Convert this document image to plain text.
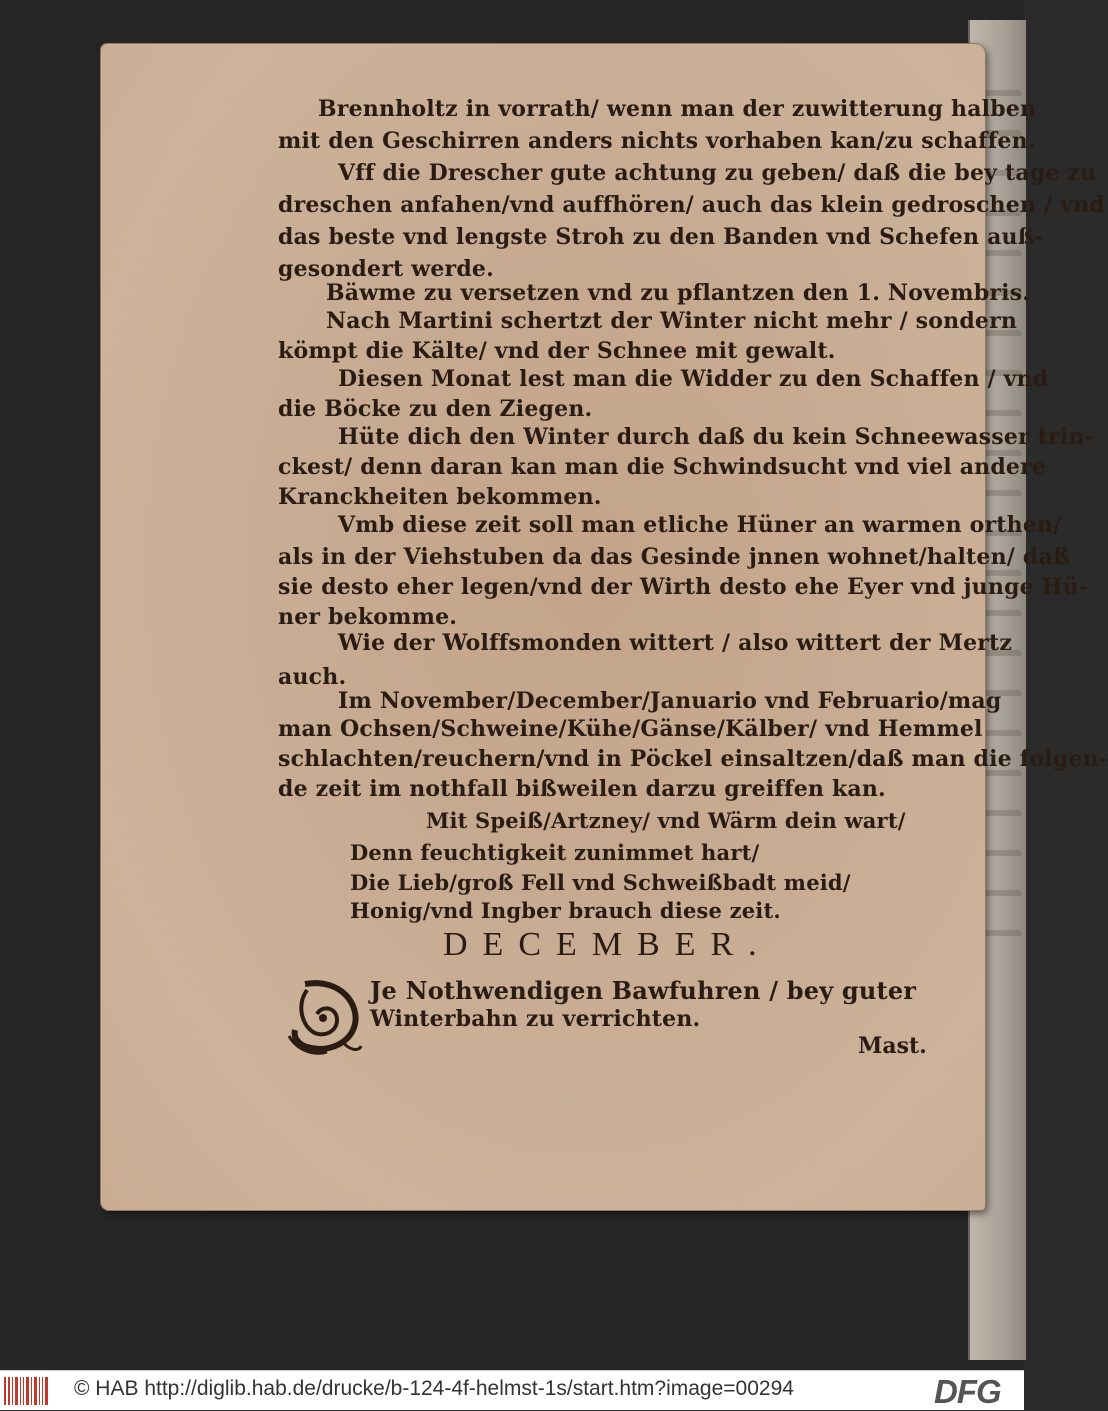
Brennholtz in vorrath/ wenn man der zuwitterung halben
mit den Geschirren anders nichts vorhaben kan/zu schaffen.
Vff die Drescher gute achtung zu geben/ daß die bey tage zu
dreschen anfahen/vnd auffhören/ auch das klein gedroschen / vnd
das beste vnd lengste Stroh zu den Banden vnd Schefen auß-
gesondert werde.
Bäwme zu versetzen vnd zu pflantzen den 1. Novembris.
Nach Martini schertzt der Winter nicht mehr / sondern
kömpt die Kälte/ vnd der Schnee mit gewalt.
Diesen Monat lest man die Widder zu den Schaffen / vnd
die Böcke zu den Ziegen.
Hüte dich den Winter durch daß du kein Schneewasser trin-
ckest/ denn daran kan man die Schwindsucht vnd viel andere
Kranckheiten bekommen.
Vmb diese zeit soll man etliche Hüner an warmen orthen/
als in der Viehstuben da das Gesinde jnnen wohnet/halten/ daß
sie desto eher legen/vnd der Wirth desto ehe Eyer vnd junge Hü-
ner bekomme.
Wie der Wolffsmonden wittert / also wittert der Mertz
auch.
Im November/December/Januario vnd Februario/mag
man Ochsen/Schweine/Kühe/Gänse/Kälber/ vnd Hemmel
schlachten/reuchern/vnd in Pöckel einsaltzen/daß man die folgen-
de zeit im nothfall bißweilen darzu greiffen kan.
Mit Speiß/Artzney/ vnd Wärm dein wart/
Denn feuchtigkeit zunimmet hart/
Die Lieb/groß Fell vnd Schweißbadt meid/
Honig/vnd Ingber brauch diese zeit.
Je Nothwendigen Bawfuhren / bey guter
Winterbahn zu verrichten.
DECEMBER.
Mast.
© HAB http://diglib.hab.de/drucke/b-124-4f-helmst-1s/start.htm?image=00294	DFG
